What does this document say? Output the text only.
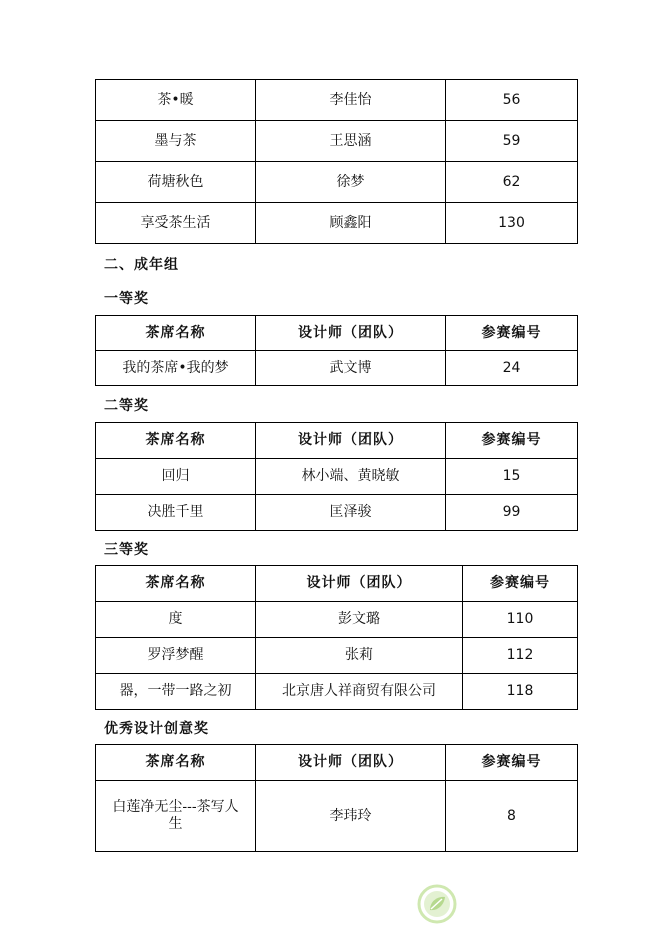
茶•暖	李佳怡	56
墨与茶	王思涵	59
荷塘秋色	徐梦	62
享受茶生活	顾鑫阳	130

二、成年组

一等奖

茶席名称	设计师（团队）	参赛编号
我的茶席•我的梦	武文博	24

二等奖

茶席名称	设计师（团队）	参赛编号
回归	林小端、黄晓敏	15
决胜千里	匡泽骏	99

三等奖

茶席名称	设计师（团队）	参赛编号
度	彭文璐	110
罗浮梦醒	张莉	112
器，一带一路之初	北京唐人祥商贸有限公司	118

优秀设计创意奖

茶席名称	设计师（团队）	参赛编号
白莲净无尘---茶写人生	李玮玲	8
